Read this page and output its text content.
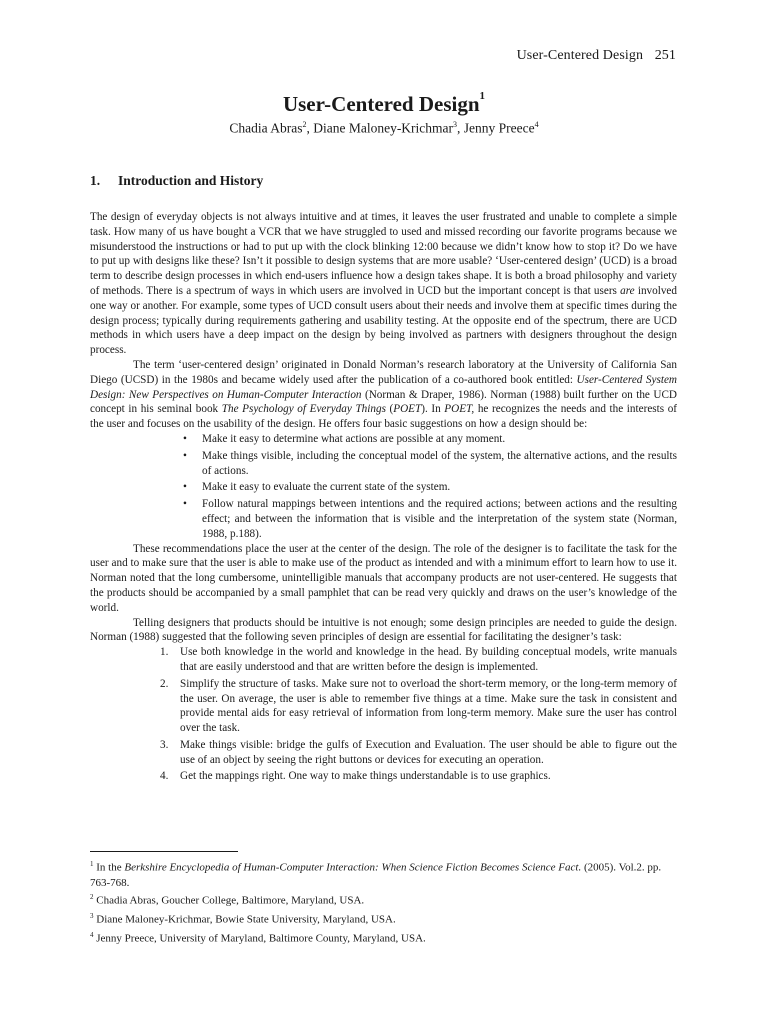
User-Centered Design 251
User-Centered Design$^1$
Chadia Abras$^2$, Diane Maloney-Krichmar$^3$, Jenny Preece$^4$
1. Introduction and History

The design of everyday objects is not always intuitive and at times, it leaves the user frustrated and unable to complete a simple task. How many of us have bought a VCR that we have struggled to used and missed recording our favorite programs because we misunderstood the instructions or had to put up with the clock blinking 12:00 because we didn’t know how to stop it? Do we have to put up with designs like these? Isn’t it possible to design systems that are more usable? ‘User-centered design’ (UCD) is a broad term to describe design processes in which end-users influence how a design takes shape. It is both a broad philosophy and variety of methods. There is a spectrum of ways in which users are involved in UCD but the important concept is that users are involved one way or another. For example, some types of UCD consult users about their needs and involve them at specific times during the design process; typically during requirements gathering and usability testing. At the opposite end of the spectrum, there are UCD methods in which users have a deep impact on the design by being involved as partners with designers throughout the design process.

The term ‘user-centered design’ originated in Donald Norman’s research laboratory at the University of California San Diego (UCSD) in the 1980s and became widely used after the publication of a co-authored book entitled: User-Centered System Design: New Perspectives on Human-Computer Interaction (Norman & Draper, 1986). Norman (1988) built further on the UCD concept in his seminal book The Psychology of Everyday Things (POET). In POET, he recognizes the needs and the interests of the user and focuses on the usability of the design. He offers four basic suggestions on how a design should be:

• Make it easy to determine what actions are possible at any moment.
• Make things visible, including the conceptual model of the system, the alternative actions, and the results of actions.
• Make it easy to evaluate the current state of the system.
• Follow natural mappings between intentions and the required actions; between actions and the resulting effect; and between the information that is visible and the interpretation of the system state (Norman, 1988, p.188).

These recommendations place the user at the center of the design. The role of the designer is to facilitate the task for the user and to make sure that the user is able to make use of the product as intended and with a minimum effort to learn how to use it. Norman noted that the long cumbersome, unintelligible manuals that accompany products are not user-centered. He suggests that the products should be accompanied by a small pamphlet that can be read very quickly and draws on the user’s knowledge of the world.

Telling designers that products should be intuitive is not enough; some design principles are needed to guide the design. Norman (1988) suggested that the following seven principles of design are essential for facilitating the designer’s task:

1. Use both knowledge in the world and knowledge in the head. By building conceptual models, write manuals that are easily understood and that are written before the design is implemented.
2. Simplify the structure of tasks. Make sure not to overload the short-term memory, or the long-term memory of the user. On average, the user is able to remember five things at a time. Make sure the task in consistent and provide mental aids for easy retrieval of information from long-term memory. Make sure the user has control over the task.
3. Make things visible: bridge the gulfs of Execution and Evaluation. The user should be able to figure out the use of an object by seeing the right buttons or devices for executing an operation.
4. Get the mappings right. One way to make things understandable is to use graphics.

$^1$ In the Berkshire Encyclopedia of Human-Computer Interaction: When Science Fiction Becomes Science Fact. (2005). Vol.2. pp. 763-768.

$^2$ Chadia Abras, Goucher College, Baltimore, Maryland, USA.

$^3$ Diane Maloney-Krichmar, Bowie State University, Maryland, USA.

$^4$ Jenny Preece, University of Maryland, Baltimore County, Maryland, USA.
